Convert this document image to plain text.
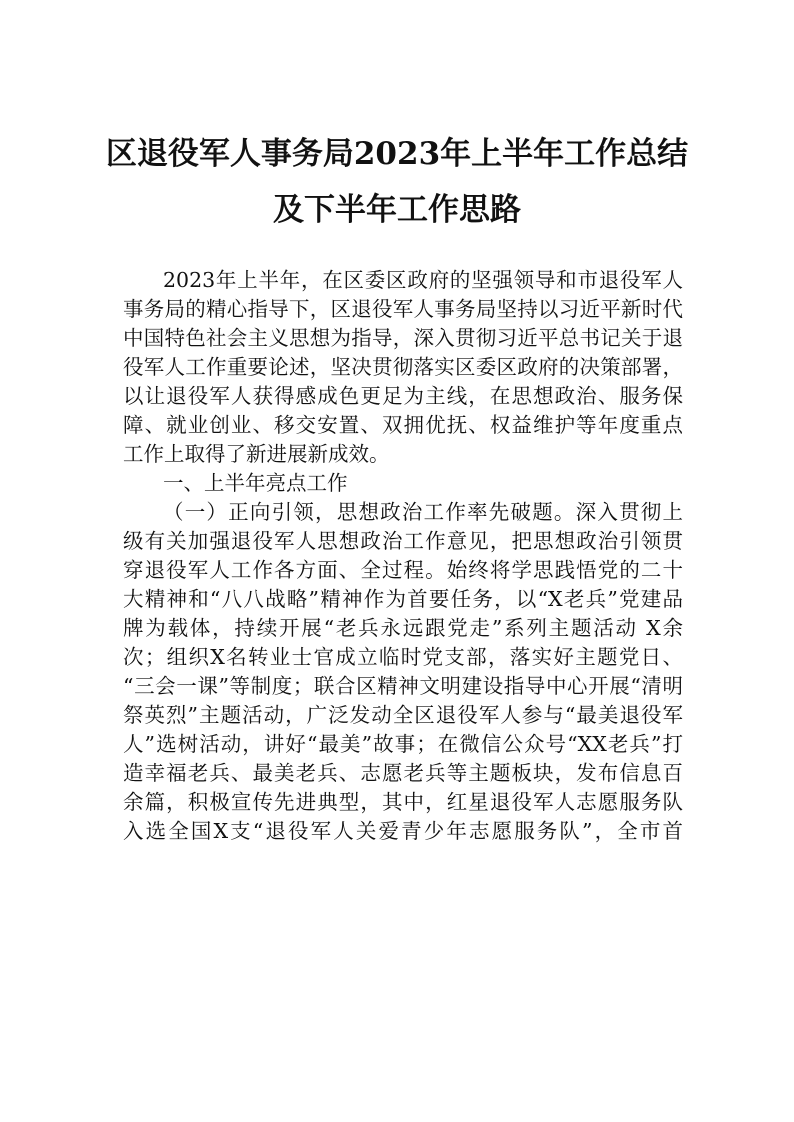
区退役军人事务局2023年上半年工作总结
及下半年工作思路
2023年上半年，在区委区政府的坚强领导和市退役军人
事务局的精心指导下，区退役军人事务局坚持以习近平新时代
中国特色社会主义思想为指导，深入贯彻习近平总书记关于退
役军人工作重要论述，坚决贯彻落实区委区政府的决策部署，
以让退役军人获得感成色更足为主线，在思想政治、服务保
障、就业创业、移交安置、双拥优抚、权益维护等年度重点
工作上取得了新进展新成效。
一、上半年亮点工作
（一）正向引领，思想政治工作率先破题。深入贯彻上
级有关加强退役军人思想政治工作意见，把思想政治引领贯
穿退役军人工作各方面、全过程。始终将学思践悟党的二十
大精神和“八八战略”精神作为首要任务，以“X老兵”党建品
牌为载体，持续开展“老兵永远跟党走”系列主题活动 X余
次；组织X名转业士官成立临时党支部，落实好主题党日、
“三会一课”等制度；联合区精神文明建设指导中心开展“清明
祭英烈”主题活动，广泛发动全区退役军人参与“最美退役军
人”选树活动，讲好“最美”故事；在微信公众号“XX老兵”打
造幸福老兵、最美老兵、志愿老兵等主题板块，发布信息百
余篇，积极宣传先进典型，其中，红星退役军人志愿服务队
入选全国X支“退役军人关爱青少年志愿服务队”，全市首
